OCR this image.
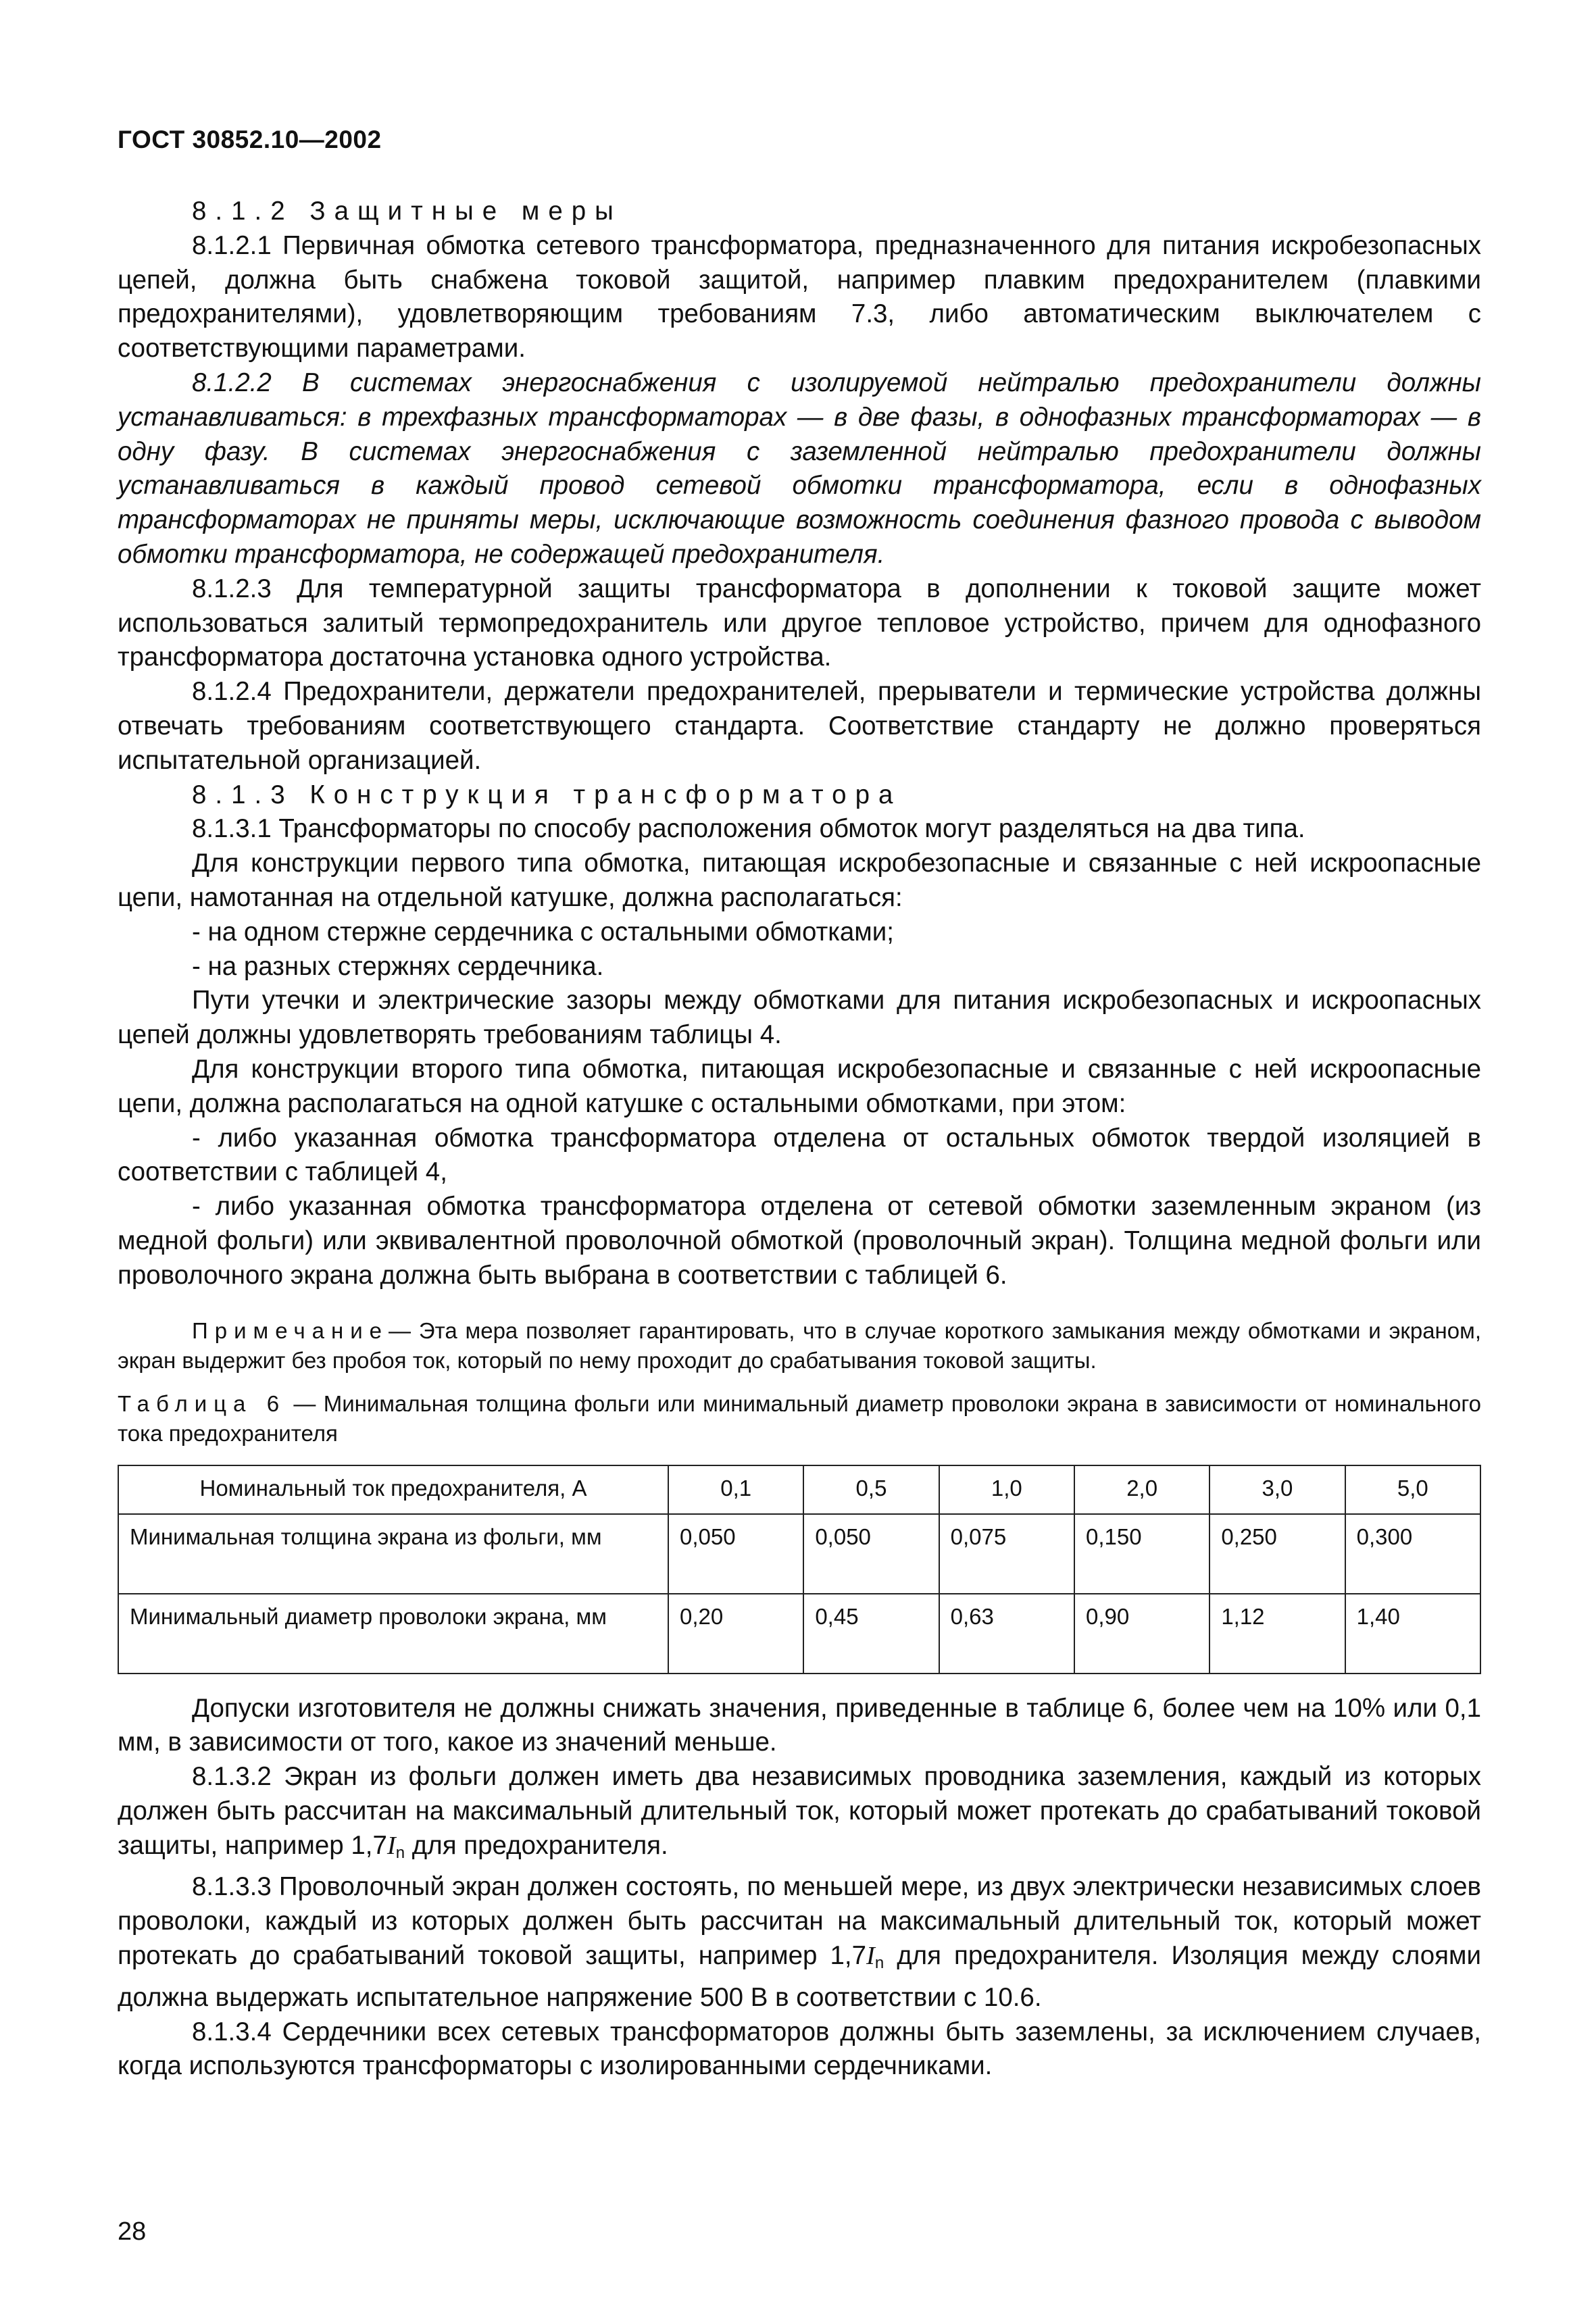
ГОСТ 30852.10—2002

8.1.2 Защитные меры

8.1.2.1 Первичная обмотка сетевого трансформатора, предназначенного для питания искробезопасных цепей, должна быть снабжена токовой защитой, например плавким предохранителем (плавкими предохранителями), удовлетворяющим требованиям 7.3, либо автоматическим выключателем с соответствующими параметрами.

8.1.2.2 В системах энергоснабжения с изолируемой нейтралью предохранители должны устанавливаться: в трехфазных трансформаторах — в две фазы, в однофазных трансформаторах — в одну фазу. В системах энергоснабжения с заземленной нейтралью предохранители должны устанавливаться в каждый провод сетевой обмотки трансформатора, если в однофазных трансформаторах не приняты меры, исключающие возможность соединения фазного провода с выводом обмотки трансформатора, не содержащей предохранителя.

8.1.2.3 Для температурной защиты трансформатора в дополнении к токовой защите может использоваться залитый термопредохранитель или другое тепловое устройство, причем для однофазного трансформатора достаточна установка одного устройства.

8.1.2.4 Предохранители, держатели предохранителей, прерыватели и термические устройства должны отвечать требованиям соответствующего стандарта. Соответствие стандарту не должно проверяться испытательной организацией.

8.1.3 Конструкция трансформатора

8.1.3.1 Трансформаторы по способу расположения обмоток могут разделяться на два типа.

Для конструкции первого типа обмотка, питающая искробезопасные и связанные с ней искроопасные цепи, намотанная на отдельной катушке, должна располагаться:

- на одном стержне сердечника с остальными обмотками;

- на разных стержнях сердечника.

Пути утечки и электрические зазоры между обмотками для питания искробезопасных и искроопасных цепей должны удовлетворять требованиям таблицы 4.

Для конструкции второго типа обмотка, питающая искробезопасные и связанные с ней искроопасные цепи, должна располагаться на одной катушке с остальными обмотками, при этом:

- либо указанная обмотка трансформатора отделена от остальных обмоток твердой изоляцией в соответствии с таблицей 4,

- либо указанная обмотка трансформатора отделена от сетевой обмотки заземленным экраном (из медной фольги) или эквивалентной проволочной обмоткой (проволочный экран). Толщина медной фольги или проволочного экрана должна быть выбрана в соответствии с таблицей 6.

Примечание— Эта мера позволяет гарантировать, что в случае короткого замыкания между обмотками и экраном, экран выдержит без пробоя ток, который по нему проходит до срабатывания токовой защиты.

Таблица 6 — Минимальная толщина фольги или минимальный диаметр проволоки экрана в зависимости от номинального тока предохранителя

Номинальный ток предохранителя, А	0,1	0,5	1,0	2,0	3,0	5,0
Минимальная толщина экрана из фольги, мм	0,050	0,050	0,075	0,150	0,250	0,300
Минимальный диаметр проволоки экрана, мм	0,20	0,45	0,63	0,90	1,12	1,40

Допуски изготовителя не должны снижать значения, приведенные в таблице 6, более чем на 10% или 0,1 мм, в зависимости от того, какое из значений меньше.

8.1.3.2 Экран из фольги должен иметь два независимых проводника заземления, каждый из которых должен быть рассчитан на максимальный длительный ток, который может протекать до срабатываний токовой защиты, например $1,7I_n$ для предохранителя.

8.1.3.3 Проволочный экран должен состоять, по меньшей мере, из двух электрически независимых слоев проволоки, каждый из которых должен быть рассчитан на максимальный длительный ток, который может протекать до срабатываний токовой защиты, например $1,7I_n$ для предохранителя. Изоляция между слоями должна выдержать испытательное напряжение 500 В в соответствии с 10.6.

8.1.3.4 Сердечники всех сетевых трансформаторов должны быть заземлены, за исключением случаев, когда используются трансформаторы с изолированными сердечниками.

28
